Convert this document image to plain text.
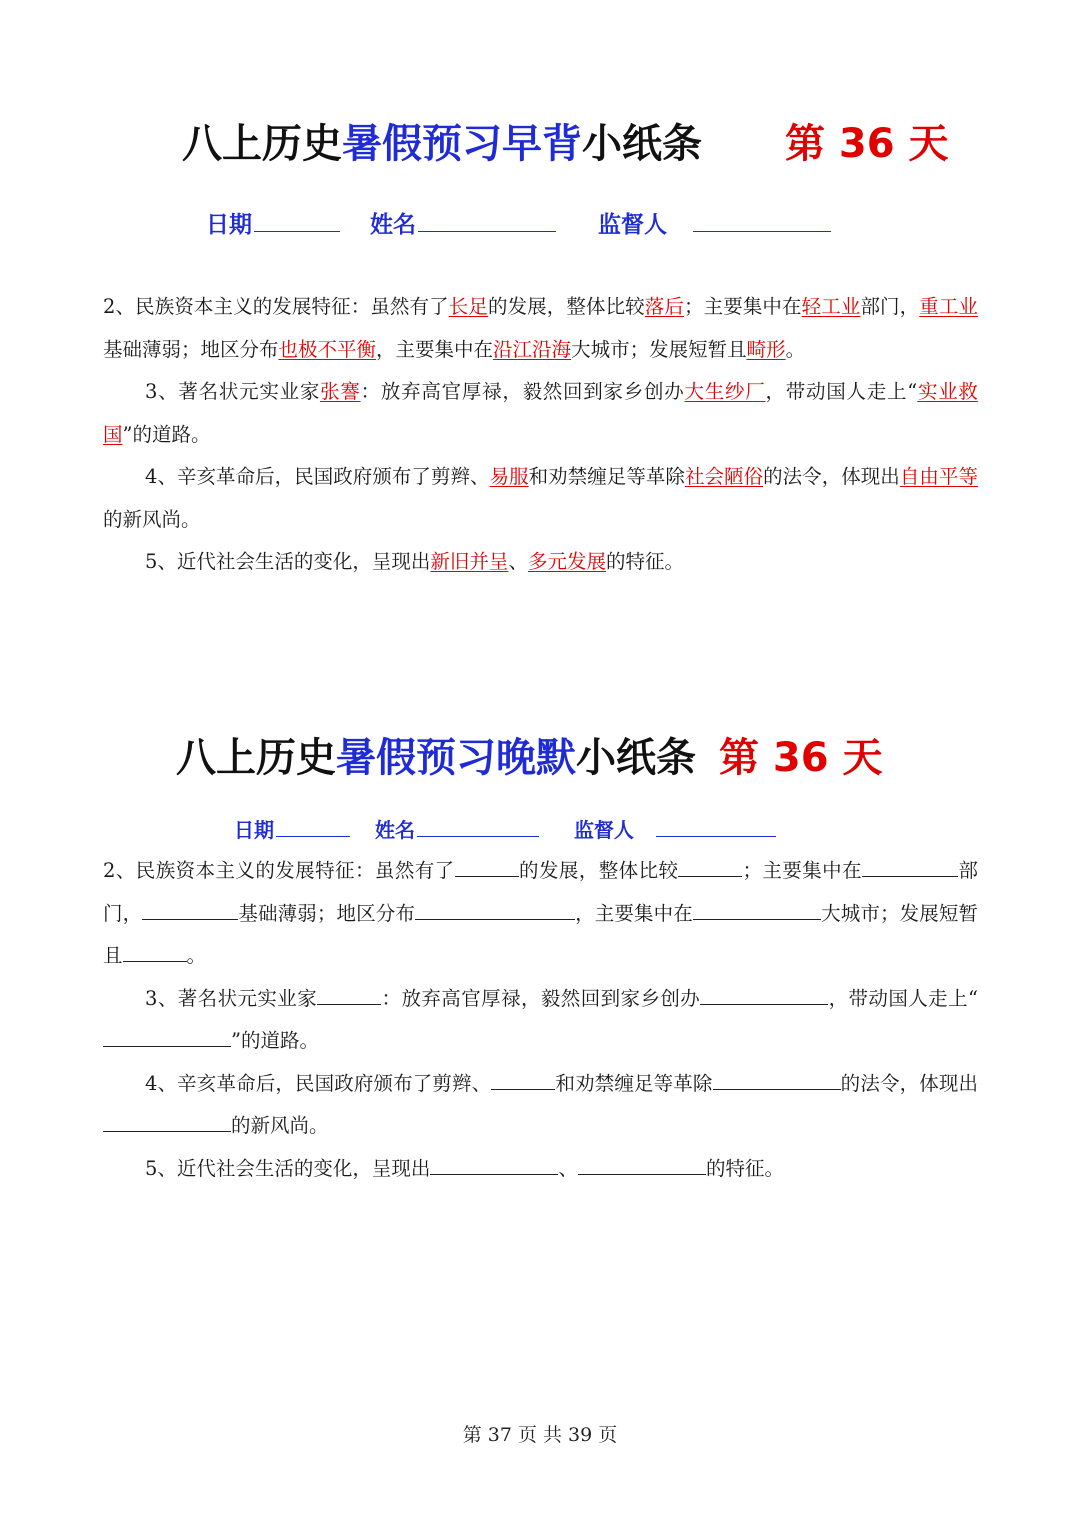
八上历史暑假预习早背小纸条 第 36 天
日期	姓名	监督人

2、民族资本主义的发展特征：虽然有了长足的发展，整体比较落后；主要集中在轻工业部门，重工业基础薄弱；地区分布也极不平衡，主要集中在沿江沿海大城市；发展短暂且畸形。

3、著名状元实业家张謇：放弃高官厚禄，毅然回到家乡创办大生纱厂，带动国人走上“实业救国”的道路。

4、辛亥革命后，民国政府颁布了剪辫、易服和劝禁缠足等革除社会陋俗的法令，体现出自由平等的新风尚。

5、近代社会生活的变化，呈现出新旧并呈、多元发展的特征。

八上历史暑假预习晚默小纸条 第 36 天
日期	姓名	监督人

2、民族资本主义的发展特征：虽然有了	的发展，整体比较	；主要集中在	部门，	基础薄弱；地区分布	，主要集中在	大城市；发展短暂且	。

3、著名状元实业家	：放弃高官厚禄，毅然回到家乡创办	，带动国人走上“”的道路。

4、辛亥革命后，民国政府颁布了剪辫、	和劝禁缠足等革除	的法令，体现出的新风尚。

5、近代社会生活的变化，呈现出	、	的特征。

第 37 页 共 39 页
